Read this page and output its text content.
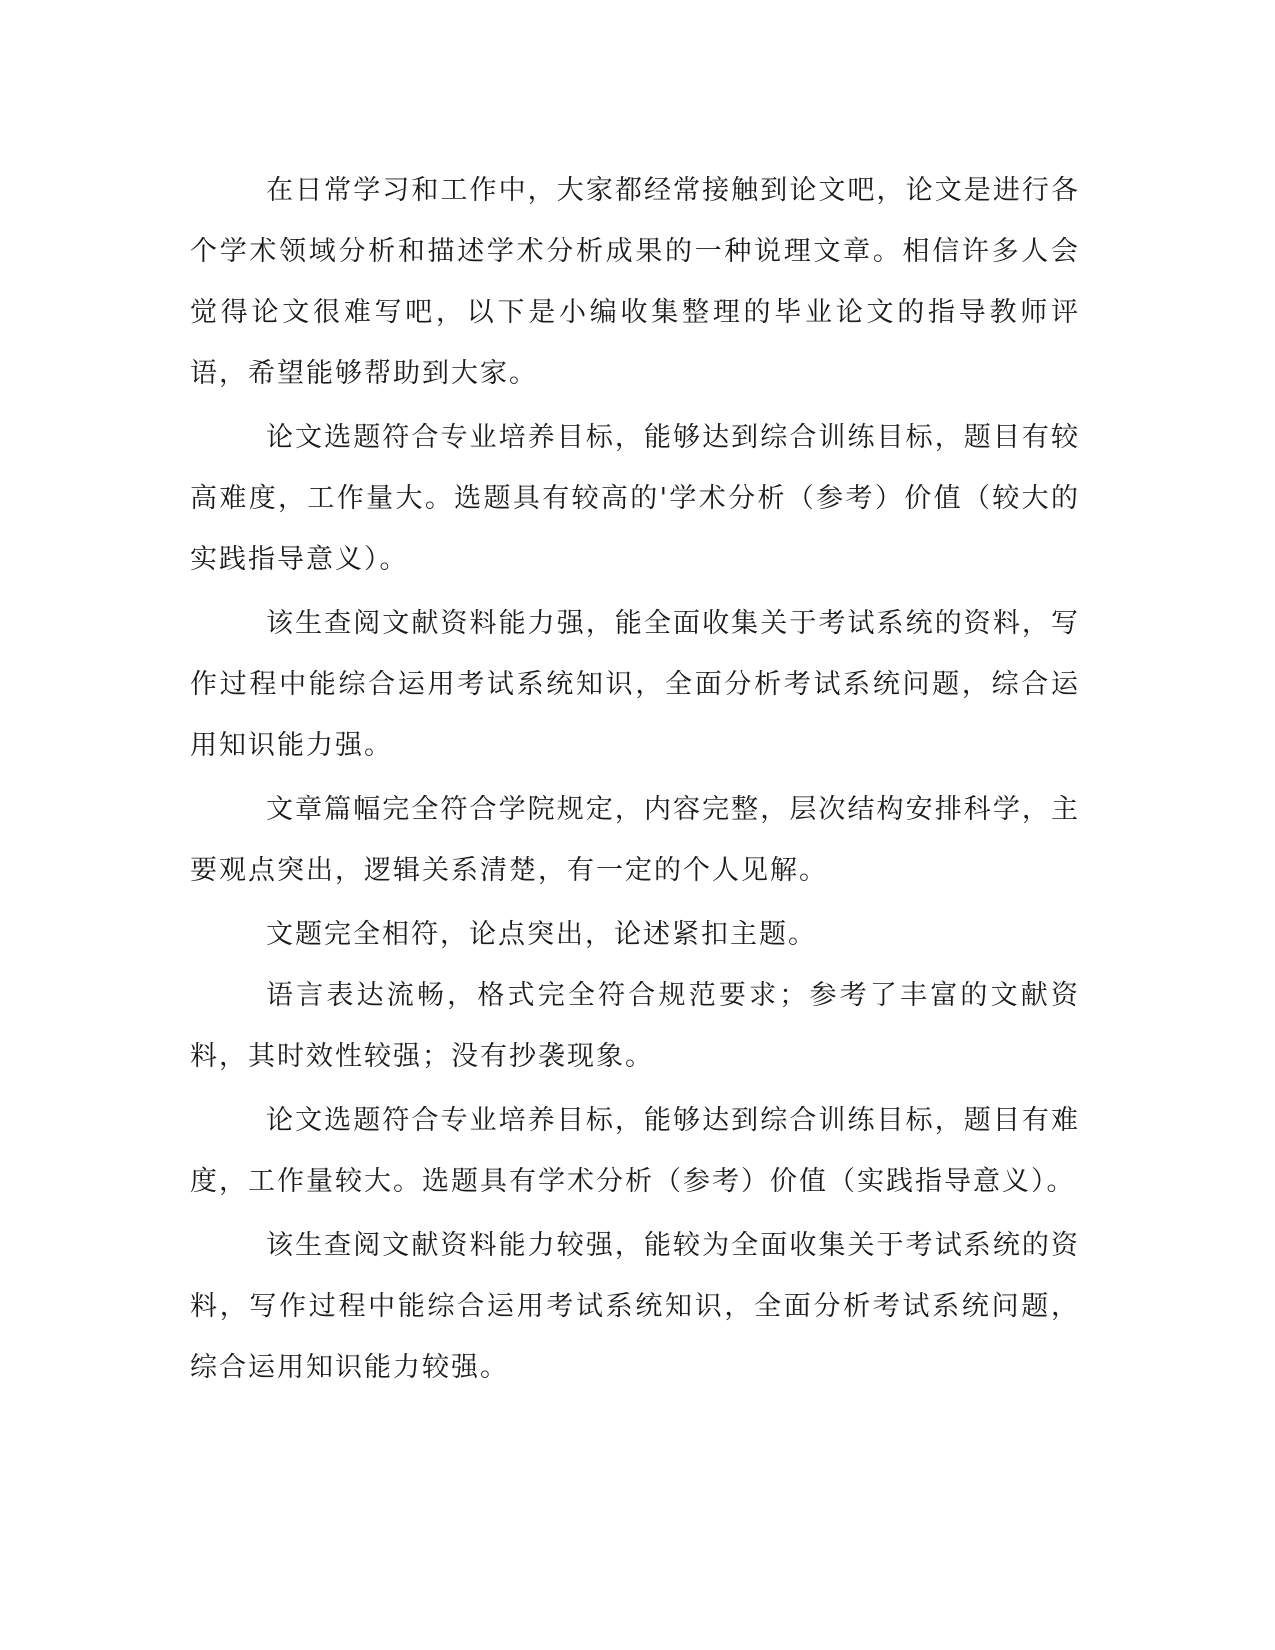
在日常学习和工作中，大家都经常接触到论文吧，论文是进行各个学术领域分析和描述学术分析成果的一种说理文章。相信许多人会觉得论文很难写吧，以下是小编收集整理的毕业论文的指导教师评语，希望能够帮助到大家。

论文选题符合专业培养目标，能够达到综合训练目标，题目有较高难度，工作量大。选题具有较高的'学术分析（参考）价值（较大的实践指导意义）。

该生查阅文献资料能力强，能全面收集关于考试系统的资料，写作过程中能综合运用考试系统知识，全面分析考试系统问题，综合运用知识能力强。

文章篇幅完全符合学院规定，内容完整，层次结构安排科学，主要观点突出，逻辑关系清楚，有一定的个人见解。

文题完全相符，论点突出，论述紧扣主题。

语言表达流畅，格式完全符合规范要求；参考了丰富的文献资料，其时效性较强；没有抄袭现象。

论文选题符合专业培养目标，能够达到综合训练目标，题目有难度，工作量较大。选题具有学术分析（参考）价值（实践指导意义）。

该生查阅文献资料能力较强，能较为全面收集关于考试系统的资料，写作过程中能综合运用考试系统知识，全面分析考试系统问题，综合运用知识能力较强。
